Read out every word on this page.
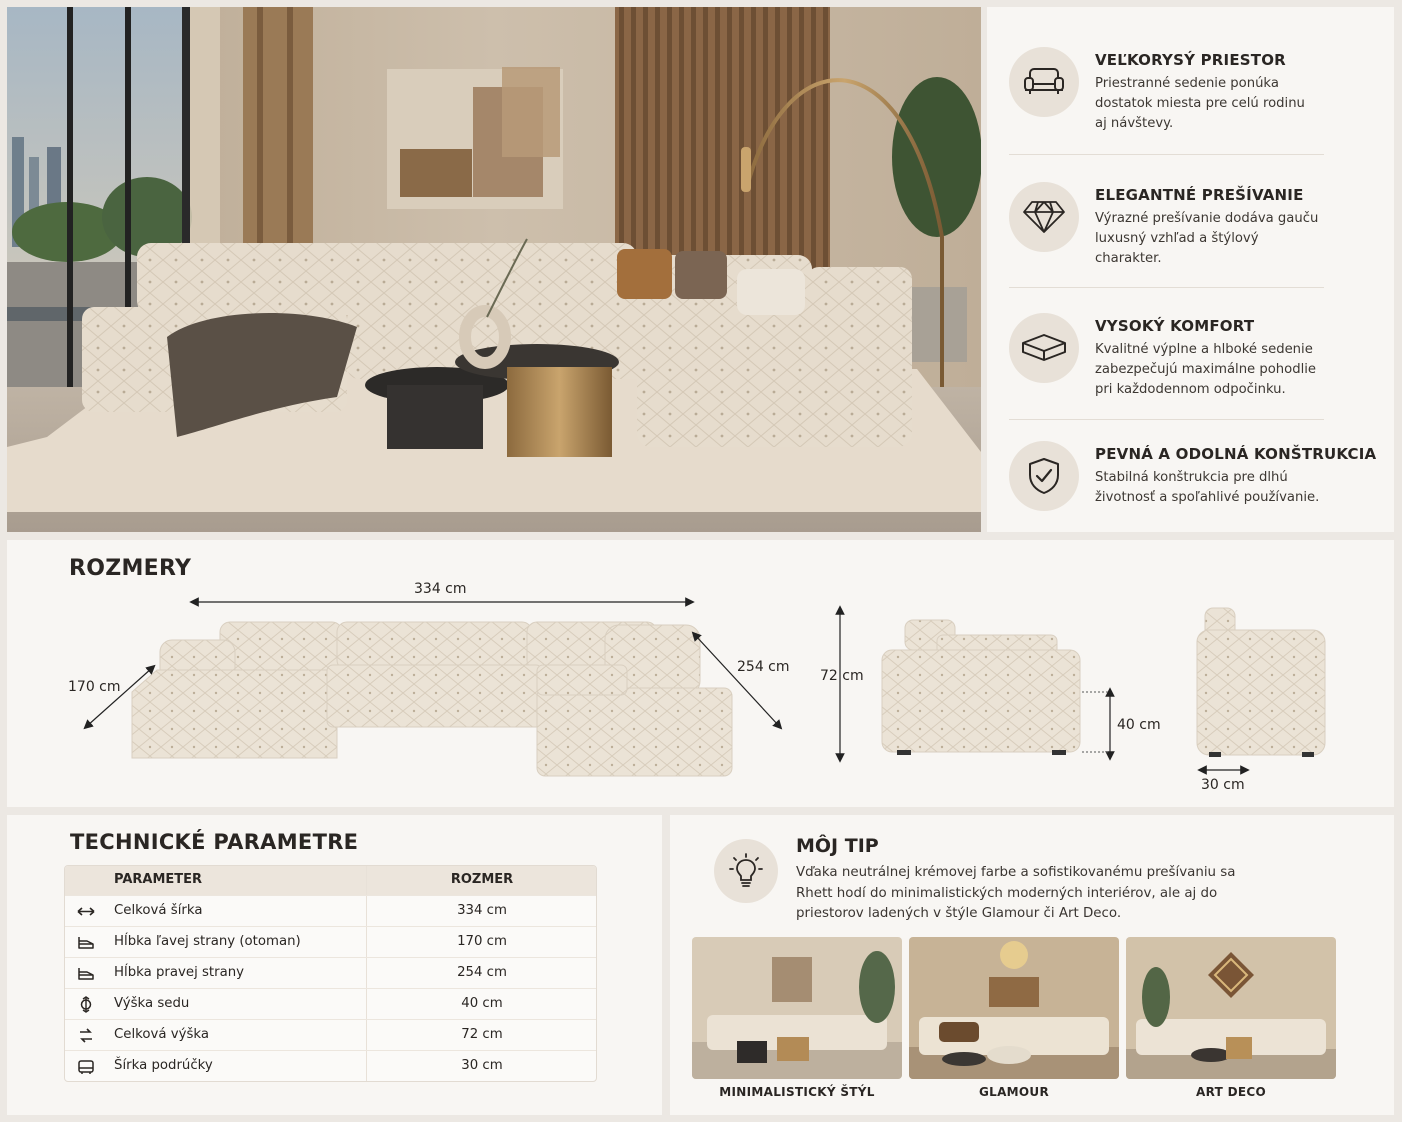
VEĽKORYSÝ PRIESTOR
Priestranné sedenie ponúka dostatok miesta pre celú rodinu aj návštevy.
ELEGANTNÉ PREŠÍVANIE
Výrazné prešívanie dodáva gauču luxusný vzhľad a štýlový charakter.
VYSOKÝ KOMFORT
Kvalitné výplne a hlboké sedenie zabezpečujú maximálne pohodlie pri každodennom odpočinku.
PEVNÁ A ODOLNÁ KONŠTRUKCIA
Stabilná konštrukcia pre dlhú životnosť a spoľahlivé používanie.
ROZMERY
334 cm
170 cm
254 cm
72 cm
40 cm
30 cm
TECHNICKÉ PARAMETRE
PARAMETER	ROZMER
Celková šírka	334 cm
Hĺbka ľavej strany (otoman)	170 cm
Hĺbka pravej strany	254 cm
Výška sedu	40 cm
Celková výška	72 cm
Šírka podrúčky	30 cm
MÔJ TIP
Vďaka neutrálnej krémovej farbe a sofistikovanému prešívaniu sa Rhett hodí do minimalistických moderných interiérov, ale aj do priestorov ladených v štýle Glamour či Art Deco.
MINIMALISTICKÝ ŠTÝL	GLAMOUR	ART DECO
